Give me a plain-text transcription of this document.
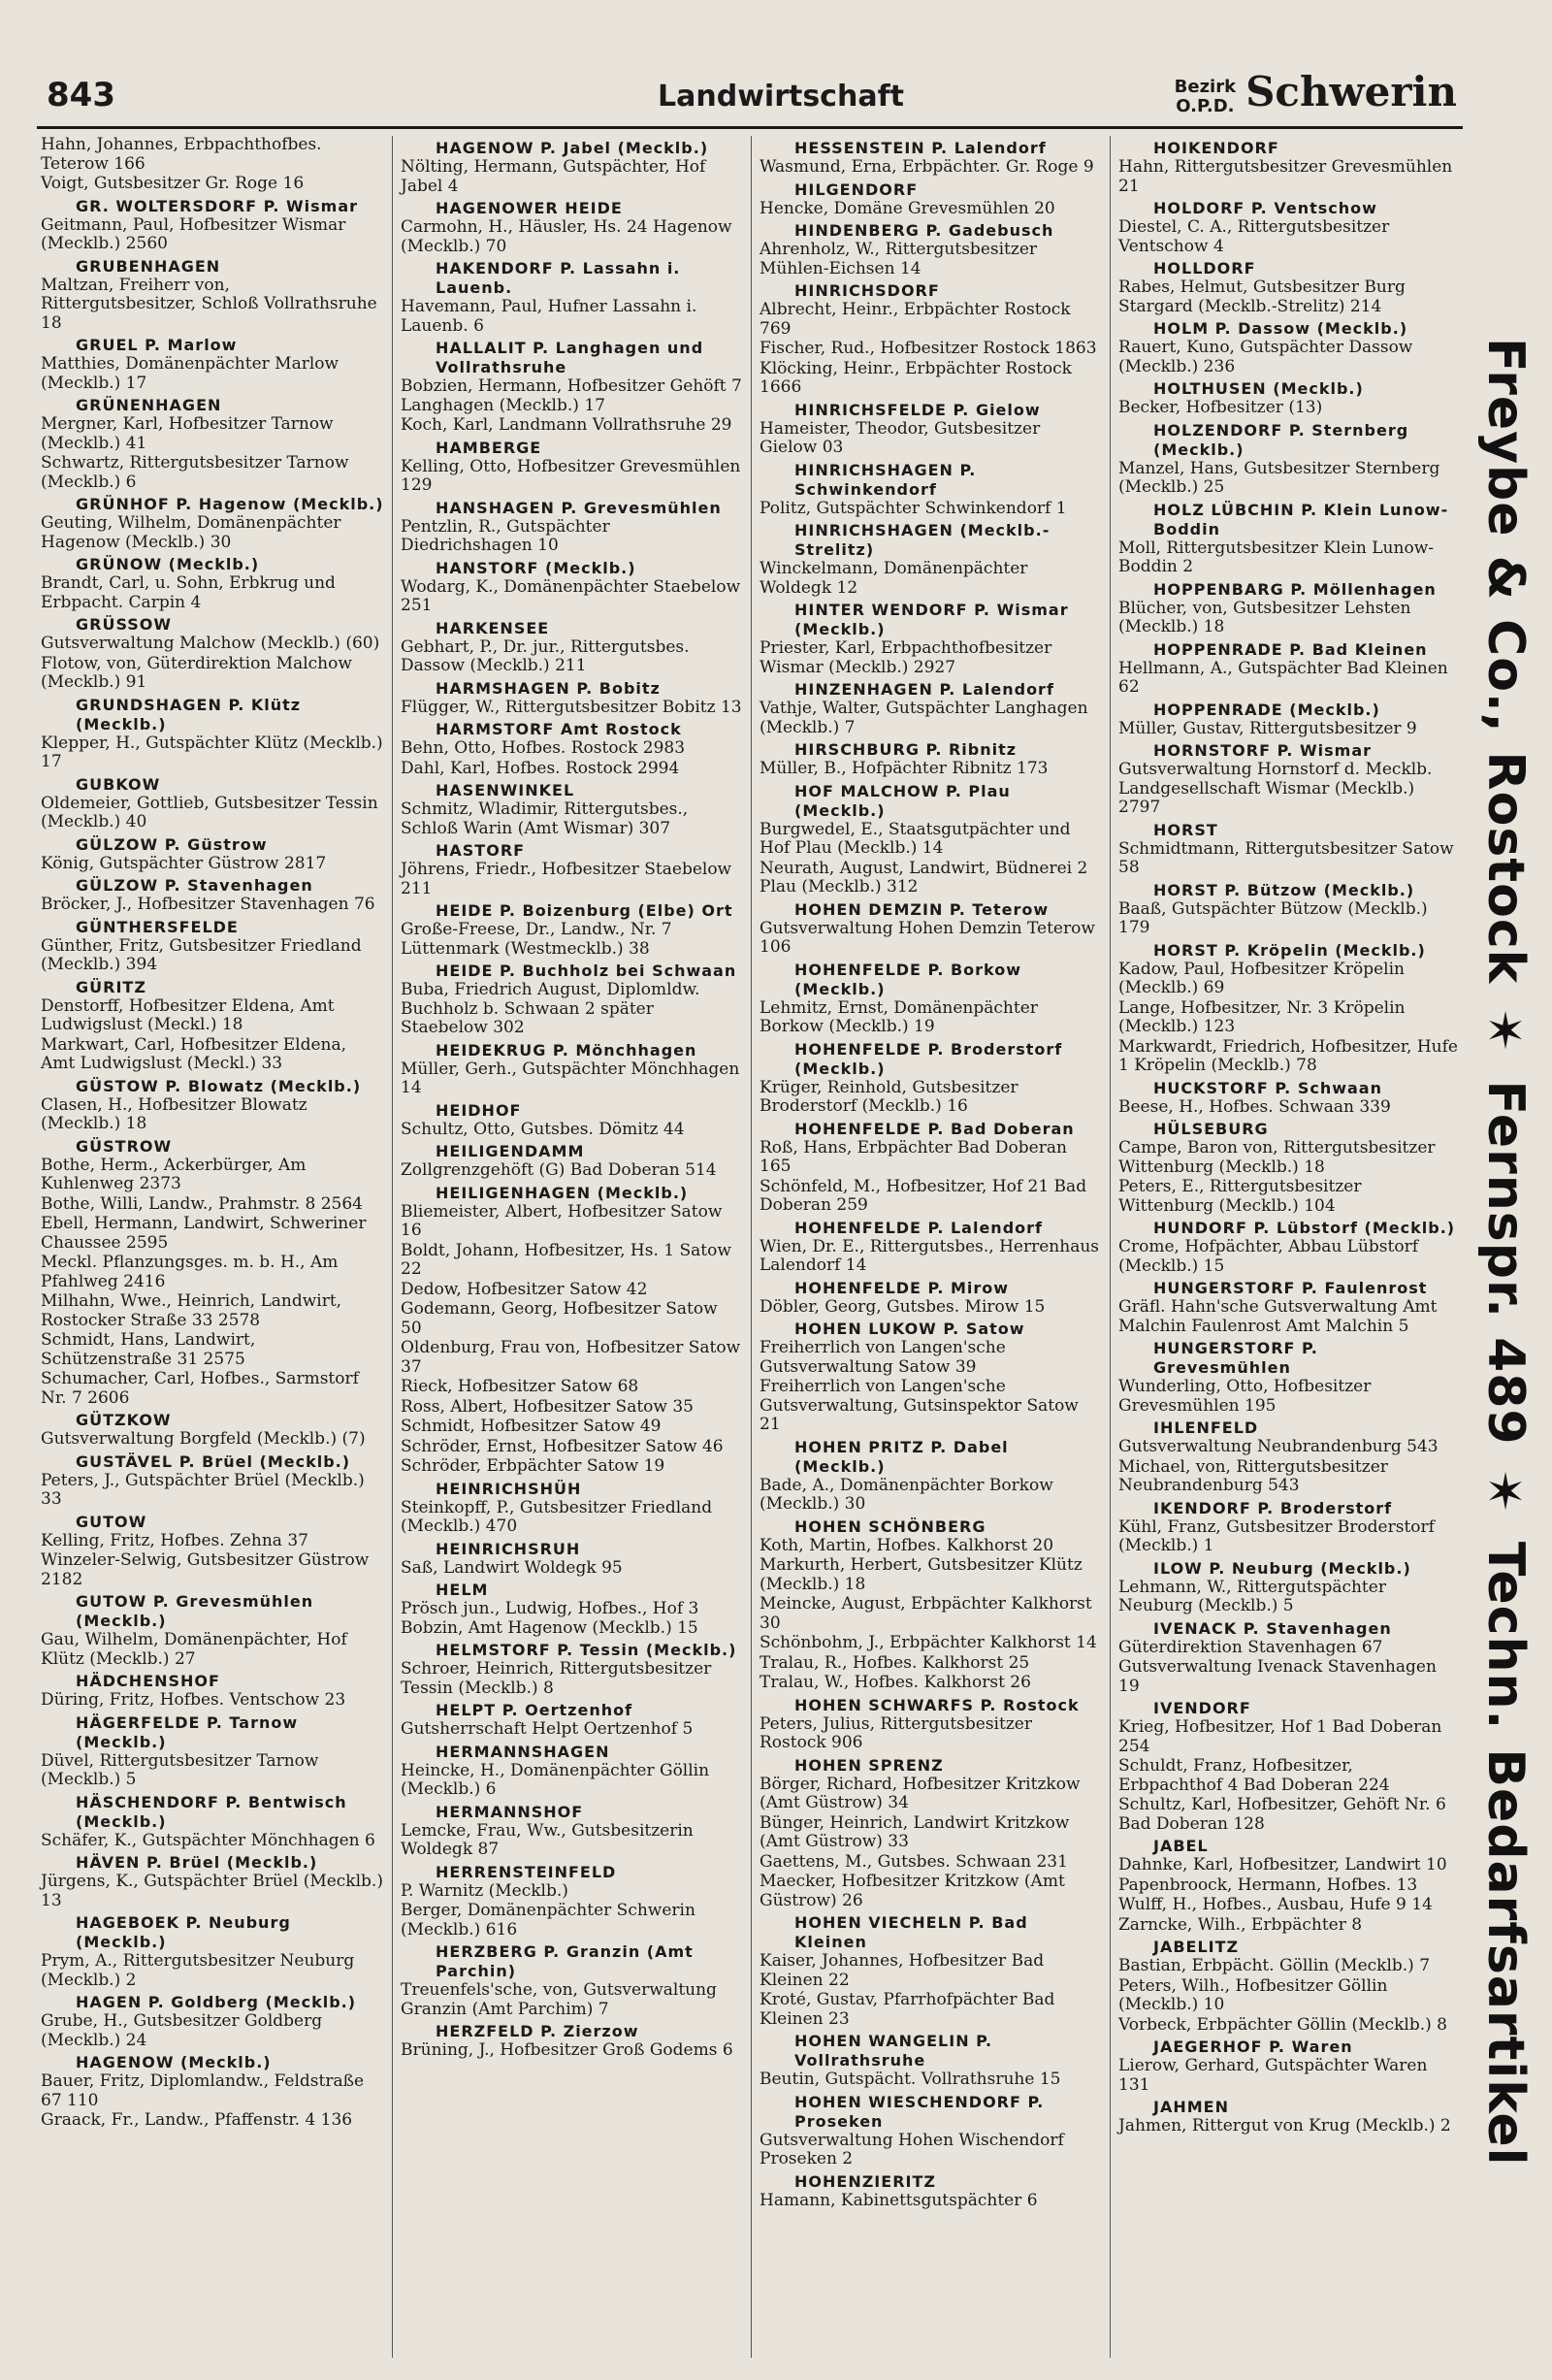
843	Landwirtschaft	Bezirk
O.P.D. Schwerin
Hahn, Johannes, Erbpachthofbes. Teterow 166
Voigt, Gutsbesitzer Gr. Roge 16
GR. WOLTERSDORF P. Wismar
Geitmann, Paul, Hofbesitzer Wismar (Mecklb.) 2560
GRUBENHAGEN
Maltzan, Freiherr von, Rittergutsbesitzer, Schloß Vollrathsruhe 18
GRUEL P. Marlow
Matthies, Domänenpächter Marlow (Mecklb.) 17
GRÜNENHAGEN
Mergner, Karl, Hofbesitzer Tarnow (Mecklb.) 41
Schwartz, Rittergutsbesitzer Tarnow (Mecklb.) 6
GRÜNHOF P. Hagenow (Mecklb.)
Geuting, Wilhelm, Domänenpächter Hagenow (Mecklb.) 30
GRÜNOW (Mecklb.)
Brandt, Carl, u. Sohn, Erbkrug und Erbpacht. Carpin 4
GRÜSSOW
Gutsverwaltung Malchow (Mecklb.) (60)
Flotow, von, Güterdirektion Malchow (Mecklb.) 91
GRUNDSHAGEN P. Klütz (Mecklb.)
Klepper, H., Gutspächter Klütz (Mecklb.) 17
GUBKOW
Oldemeier, Gottlieb, Gutsbesitzer Tessin (Mecklb.) 40
GÜLZOW P. Güstrow
König, Gutspächter Güstrow 2817
GÜLZOW P. Stavenhagen
Bröcker, J., Hofbesitzer Stavenhagen 76
GÜNTHERSFELDE
Günther, Fritz, Gutsbesitzer Friedland (Mecklb.) 394
GÜRITZ
Denstorff, Hofbesitzer Eldena, Amt Ludwigslust (Meckl.) 18
Markwart, Carl, Hofbesitzer Eldena, Amt Ludwigslust (Meckl.) 33
GÜSTOW P. Blowatz (Mecklb.)
Clasen, H., Hofbesitzer Blowatz (Mecklb.) 18
GÜSTROW
Bothe, Herm., Ackerbürger, Am Kuhlenweg 2373
Bothe, Willi, Landw., Prahmstr. 8 2564
Ebell, Hermann, Landwirt, Schweriner Chaussee 2595
Meckl. Pflanzungsges. m. b. H., Am Pfahlweg 2416
Milhahn, Wwe., Heinrich, Landwirt, Rostocker Straße 33 2578
Schmidt, Hans, Landwirt, Schützenstraße 31 2575
Schumacher, Carl, Hofbes., Sarmstorf Nr. 7 2606
GÜTZKOW
Gutsverwaltung Borgfeld (Mecklb.) (7)
GUSTÄVEL P. Brüel (Mecklb.)
Peters, J., Gutspächter Brüel (Mecklb.) 33
GUTOW
Kelling, Fritz, Hofbes. Zehna 37
Winzeler-Selwig, Gutsbesitzer Güstrow 2182
GUTOW P. Grevesmühlen (Mecklb.)
Gau, Wilhelm, Domänenpächter, Hof Klütz (Mecklb.) 27
HÄDCHENSHOF
Düring, Fritz, Hofbes. Ventschow 23
HÄGERFELDE P. Tarnow (Mecklb.)
Düvel, Rittergutsbesitzer Tarnow (Mecklb.) 5
HÄSCHENDORF P. Bentwisch (Mecklb.)
Schäfer, K., Gutspächter Mönchhagen 6
HÄVEN P. Brüel (Mecklb.)
Jürgens, K., Gutspächter Brüel (Mecklb.) 13
HAGEBOEK P. Neuburg (Mecklb.)
Prym, A., Rittergutsbesitzer Neuburg (Mecklb.) 2
HAGEN P. Goldberg (Mecklb.)
Grube, H., Gutsbesitzer Goldberg (Mecklb.) 24
HAGENOW (Mecklb.)
Bauer, Fritz, Diplomlandw., Feldstraße 67 110
Graack, Fr., Landw., Pfaffenstr. 4 136
HAGENOW P. Jabel (Mecklb.)
Nölting, Hermann, Gutspächter, Hof Jabel 4
HAGENOWER HEIDE
Carmohn, H., Häusler, Hs. 24 Hagenow (Mecklb.) 70
HAKENDORF P. Lassahn i. Lauenb.
Havemann, Paul, Hufner Lassahn i. Lauenb. 6
HALLALIT P. Langhagen und Vollrathsruhe
Bobzien, Hermann, Hofbesitzer Gehöft 7 Langhagen (Mecklb.) 17
Koch, Karl, Landmann Vollrathsruhe 29
HAMBERGE
Kelling, Otto, Hofbesitzer Grevesmühlen 129
HANSHAGEN P. Grevesmühlen
Pentzlin, R., Gutspächter Diedrichshagen 10
HANSTORF (Mecklb.)
Wodarg, K., Domänenpächter Staebelow 251
HARKENSEE
Gebhart, P., Dr. jur., Rittergutsbes. Dassow (Mecklb.) 211
HARMSHAGEN P. Bobitz
Flügger, W., Rittergutsbesitzer Bobitz 13
HARMSTORF Amt Rostock
Behn, Otto, Hofbes. Rostock 2983
Dahl, Karl, Hofbes. Rostock 2994
HASENWINKEL
Schmitz, Wladimir, Rittergutsbes., Schloß Warin (Amt Wismar) 307
HASTORF
Jöhrens, Friedr., Hofbesitzer Staebelow 211
HEIDE P. Boizenburg (Elbe) Ort
Große-Freese, Dr., Landw., Nr. 7 Lüttenmark (Westmecklb.) 38
HEIDE P. Buchholz bei Schwaan
Buba, Friedrich August, Diplomldw. Buchholz b. Schwaan 2 später Staebelow 302
HEIDEKRUG P. Mönchhagen
Müller, Gerh., Gutspächter Mönchhagen 14
HEIDHOF
Schultz, Otto, Gutsbes. Dömitz 44
HEILIGENDAMM
Zollgrenzgehöft (G) Bad Doberan 514
HEILIGENHAGEN (Mecklb.)
Bliemeister, Albert, Hofbesitzer Satow 16
Boldt, Johann, Hofbesitzer, Hs. 1 Satow 22
Dedow, Hofbesitzer Satow 42
Godemann, Georg, Hofbesitzer Satow 50
Oldenburg, Frau von, Hofbesitzer Satow 37
Rieck, Hofbesitzer Satow 68
Ross, Albert, Hofbesitzer Satow 35
Schmidt, Hofbesitzer Satow 49
Schröder, Ernst, Hofbesitzer Satow 46
Schröder, Erbpächter Satow 19
HEINRICHSHÜH
Steinkopff, P., Gutsbesitzer Friedland (Mecklb.) 470
HEINRICHSRUH
Saß, Landwirt Woldegk 95
HELM
Prösch jun., Ludwig, Hofbes., Hof 3 Bobzin, Amt Hagenow (Mecklb.) 15
HELMSTORF P. Tessin (Mecklb.)
Schroer, Heinrich, Rittergutsbesitzer Tessin (Mecklb.) 8
HELPT P. Oertzenhof
Gutsherrschaft Helpt Oertzenhof 5
HERMANNSHAGEN
Heincke, H., Domänenpächter Göllin (Mecklb.) 6
HERMANNSHOF
Lemcke, Frau, Ww., Gutsbesitzerin Woldegk 87
HERRENSTEINFELD
P. Warnitz (Mecklb.)
Berger, Domänenpächter Schwerin (Mecklb.) 616
HERZBERG P. Granzin (Amt Parchin)
Treuenfels'sche, von, Gutsverwaltung Granzin (Amt Parchim) 7
HERZFELD P. Zierzow
Brüning, J., Hofbesitzer Groß Godems 6
HESSENSTEIN P. Lalendorf
Wasmund, Erna, Erbpächter. Gr. Roge 9
HILGENDORF
Hencke, Domäne Grevesmühlen 20
HINDENBERG P. Gadebusch
Ahrenholz, W., Rittergutsbesitzer Mühlen-Eichsen 14
HINRICHSDORF
Albrecht, Heinr., Erbpächter Rostock 769
Fischer, Rud., Hofbesitzer Rostock 1863
Klöcking, Heinr., Erbpächter Rostock 1666
HINRICHSFELDE P. Gielow
Hameister, Theodor, Gutsbesitzer Gielow 03
HINRICHSHAGEN P. Schwinkendorf
Politz, Gutspächter Schwinkendorf 1
HINRICHSHAGEN (Mecklb.-Strelitz)
Winckelmann, Domänenpächter Woldegk 12
HINTER WENDORF P. Wismar (Mecklb.)
Priester, Karl, Erbpachthofbesitzer Wismar (Mecklb.) 2927
HINZENHAGEN P. Lalendorf
Vathje, Walter, Gutspächter Langhagen (Mecklb.) 7
HIRSCHBURG P. Ribnitz
Müller, B., Hofpächter Ribnitz 173
HOF MALCHOW P. Plau (Mecklb.)
Burgwedel, E., Staatsgutpächter und Hof Plau (Mecklb.) 14
Neurath, August, Landwirt, Büdnerei 2 Plau (Mecklb.) 312
HOHEN DEMZIN P. Teterow
Gutsverwaltung Hohen Demzin Teterow 106
HOHENFELDE P. Borkow (Mecklb.)
Lehmitz, Ernst, Domänenpächter Borkow (Mecklb.) 19
HOHENFELDE P. Broderstorf (Mecklb.)
Krüger, Reinhold, Gutsbesitzer Broderstorf (Mecklb.) 16
HOHENFELDE P. Bad Doberan
Roß, Hans, Erbpächter Bad Doberan 165
Schönfeld, M., Hofbesitzer, Hof 21 Bad Doberan 259
HOHENFELDE P. Lalendorf
Wien, Dr. E., Rittergutsbes., Herrenhaus Lalendorf 14
HOHENFELDE P. Mirow
Döbler, Georg, Gutsbes. Mirow 15
HOHEN LUKOW P. Satow
Freiherrlich von Langen'sche Gutsverwaltung Satow 39
Freiherrlich von Langen'sche Gutsverwaltung, Gutsinspektor Satow 21
HOHEN PRITZ P. Dabel (Mecklb.)
Bade, A., Domänenpächter Borkow (Mecklb.) 30
HOHEN SCHÖNBERG
Koth, Martin, Hofbes. Kalkhorst 20
Markurth, Herbert, Gutsbesitzer Klütz (Mecklb.) 18
Meincke, August, Erbpächter Kalkhorst 30
Schönbohm, J., Erbpächter Kalkhorst 14
Tralau, R., Hofbes. Kalkhorst 25
Tralau, W., Hofbes. Kalkhorst 26
HOHEN SCHWARFS P. Rostock
Peters, Julius, Rittergutsbesitzer Rostock 906
HOHEN SPRENZ
Börger, Richard, Hofbesitzer Kritzkow (Amt Güstrow) 34
Bünger, Heinrich, Landwirt Kritzkow (Amt Güstrow) 33
Gaettens, M., Gutsbes. Schwaan 231
Maecker, Hofbesitzer Kritzkow (Amt Güstrow) 26
HOHEN VIECHELN P. Bad Kleinen
Kaiser, Johannes, Hofbesitzer Bad Kleinen 22
Kroté, Gustav, Pfarrhofpächter Bad Kleinen 23
HOHEN WANGELIN P. Vollrathsruhe
Beutin, Gutspächt. Vollrathsruhe 15
HOHEN WIESCHENDORF P. Proseken
Gutsverwaltung Hohen Wischendorf Proseken 2
HOHENZIERITZ
Hamann, Kabinettsgutspächter 6
HOIKENDORF
Hahn, Rittergutsbesitzer Grevesmühlen 21
HOLDORF P. Ventschow
Diestel, C. A., Rittergutsbesitzer Ventschow 4
HOLLDORF
Rabes, Helmut, Gutsbesitzer Burg Stargard (Mecklb.-Strelitz) 214
HOLM P. Dassow (Mecklb.)
Rauert, Kuno, Gutspächter Dassow (Mecklb.) 236
HOLTHUSEN (Mecklb.)
Becker, Hofbesitzer (13)
HOLZENDORF P. Sternberg (Mecklb.)
Manzel, Hans, Gutsbesitzer Sternberg (Mecklb.) 25
HOLZ LÜBCHIN P. Klein Lunow-Boddin
Moll, Rittergutsbesitzer Klein Lunow-Boddin 2
HOPPENBARG P. Möllenhagen
Blücher, von, Gutsbesitzer Lehsten (Mecklb.) 18
HOPPENRADE P. Bad Kleinen
Hellmann, A., Gutspächter Bad Kleinen 62
HOPPENRADE (Mecklb.)
Müller, Gustav, Rittergutsbesitzer 9
HORNSTORF P. Wismar
Gutsverwaltung Hornstorf d. Mecklb. Landgesellschaft Wismar (Mecklb.) 2797
HORST
Schmidtmann, Rittergutsbesitzer Satow 58
HORST P. Bützow (Mecklb.)
Baaß, Gutspächter Bützow (Mecklb.) 179
HORST P. Kröpelin (Mecklb.)
Kadow, Paul, Hofbesitzer Kröpelin (Mecklb.) 69
Lange, Hofbesitzer, Nr. 3 Kröpelin (Mecklb.) 123
Markwardt, Friedrich, Hofbesitzer, Hufe 1 Kröpelin (Mecklb.) 78
HUCKSTORF P. Schwaan
Beese, H., Hofbes. Schwaan 339
HÜLSEBURG
Campe, Baron von, Rittergutsbesitzer Wittenburg (Mecklb.) 18
Peters, E., Rittergutsbesitzer Wittenburg (Mecklb.) 104
HUNDORF P. Lübstorf (Mecklb.)
Crome, Hofpächter, Abbau Lübstorf (Mecklb.) 15
HUNGERSTORF P. Faulenrost
Gräfl. Hahn'sche Gutsverwaltung Amt Malchin Faulenrost Amt Malchin 5
HUNGERSTORF P. Grevesmühlen
Wunderling, Otto, Hofbesitzer Grevesmühlen 195
IHLENFELD
Gutsverwaltung Neubrandenburg 543
Michael, von, Rittergutsbesitzer Neubrandenburg 543
IKENDORF P. Broderstorf
Kühl, Franz, Gutsbesitzer Broderstorf (Mecklb.) 1
ILOW P. Neuburg (Mecklb.)
Lehmann, W., Rittergutspächter Neuburg (Mecklb.) 5
IVENACK P. Stavenhagen
Güterdirektion Stavenhagen 67
Gutsverwaltung Ivenack Stavenhagen 19
IVENDORF
Krieg, Hofbesitzer, Hof 1 Bad Doberan 254
Schuldt, Franz, Hofbesitzer, Erbpachthof 4 Bad Doberan 224
Schultz, Karl, Hofbesitzer, Gehöft Nr. 6 Bad Doberan 128
JABEL
Dahnke, Karl, Hofbesitzer, Landwirt 10
Papenbroock, Hermann, Hofbes. 13
Wulff, H., Hofbes., Ausbau, Hufe 9 14
Zarncke, Wilh., Erbpächter 8
JABELITZ
Bastian, Erbpächt. Göllin (Mecklb.) 7
Peters, Wilh., Hofbesitzer Göllin (Mecklb.) 10
Vorbeck, Erbpächter Göllin (Mecklb.) 8
JAEGERHOF P. Waren
Lierow, Gerhard, Gutspächter Waren 131
JAHMEN
Jahmen, Rittergut von Krug (Mecklb.) 2 Freybe & Co., Rostock ✶ Fernspr. 489 ✶ Techn. Bedarfsartikel
